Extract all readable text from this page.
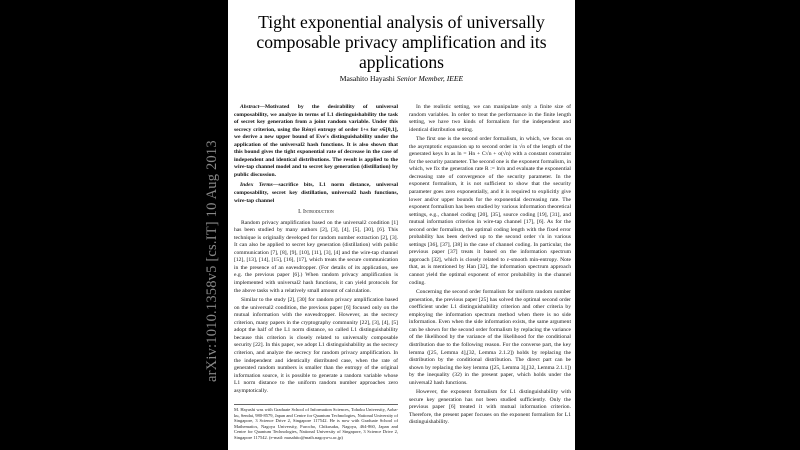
arXiv:1010.1358v5 [cs.IT] 10 Aug 2013
Tight exponential analysis of universally composable privacy amplification and its applications
Masahito Hayashi Senior Member, IEEE

Abstract—Motivated by the desirability of universal composability, we analyze in terms of L1 distinguishability the task of secret key generation from a joint random variable. Under this secrecy criterion, using the Rényi entropy of order 1+s for s∈[0,1], we derive a new upper bound of Eve's distinguishability under the application of the universal2 hash functions. It is also shown that this bound gives the tight exponential rate of decrease in the case of independent and identical distributions. The result is applied to the wire-tap channel model and to secret key generation (distillation) by public discussion.

Index Terms—sacrifice bits, L1 norm distance, universal composability, secret key distillation, universal2 hash functions, wire-tap channel

I. Introduction

Random privacy amplification based on the universal2 condition [1] has been studied by many authors [2], [3], [4], [5], [30], [6]. This technique is originally developed for random number extraction [2], [3]. It can also be applied to secret key generation (distillation) with public communication [7], [8], [9], [10], [11], [3], [4] and the wire-tap channel [12], [13], [14], [15], [16], [17], which treats the secure communication in the presence of an eavesdropper. (For details of its application, see e.g. the previous paper [6].) When random privacy amplification is implemented with universal2 hash functions, it can yield protocols for the above tasks with a relatively small amount of calculation.

Similar to the study [2], [30] for random privacy amplification based on the universal2 condition, the previous paper [6] focused only on the mutual information with the eavesdropper. However, as the secrecy criterion, many papers in the cryptography community [22], [3], [4], [5] adopt the half of the L1 norm distance, so called L1 distinguishability because this criterion is closely related to universally composable security [22]. In this paper, we adopt L1 distinguishability as the secrecy criterion, and analyze the secrecy for random privacy amplification. In the independent and identically distributed case, when the rate of generated random numbers is smaller than the entropy of the original information source, it is possible to generate a random variable whose L1 norm distance to the uniform random number approaches zero asymptotically.

M. Hayashi was with Graduate School of Information Sciences, Tohoku University, Aoba-ku, Sendai, 980-8579, Japan and Centre for Quantum Technologies, National University of Singapore, 3 Science Drive 2, Singapore 117542. He is now with Graduate School of Mathematics, Nagoya University, Furocho, Chikusaku, Nagoya, 464-860, Japan and Centre for Quantum Technologies, National University of Singapore, 3 Science Drive 2, Singapore 117542. (e-mail: masahito@math.nagoya-u.ac.jp)

In the realistic setting, we can manipulate only a finite size of random variables. In order to treat the performance in the finite length setting, we have two kinds of formalism for the independent and identical distribution setting.

The first one is the second order formalism, in which, we focus on the asymptotic expansion up to second order in √n of the length of the generated keys ln as ln = Hn + C√n + o(√n) with a constant constraint for the security parameter. The second one is the exponent formalism, in which, we fix the generation rate R := ln/n and evaluate the exponential decreasing rate of convergence of the security parameter. In the exponent formalism, it is not sufficient to show that the security parameter goes zero exponentially, and it is required to explicitly give lower and/or upper bounds for the exponential decreasing rate. The exponent formalism has been studied by various information theoretical settings, e.g., channel coding [20], [35], source coding [19], [31], and mutual information criterion in wire-tap channel [17], [6]. As for the second order formalism, the optimal coding length with the fixed error probability has been derived up to the second order √n in various settings [36], [37], [38] in the case of channel coding. In particular, the previous paper [37] treats it based on the information spectrum approach [32], which is closely related to ε-smooth min-entropy. Note that, as is mentioned by Han [32], the information spectrum approach cannot yield the optimal exponent of error probability in the channel coding.

Concerning the second order formalism for uniform random number generation, the previous paper [25] has solved the optimal second order coefficient under L1 distinguishability criterion and other criteria by employing the information spectrum method when there is no side information. Even when the side information exists, the same argument can be shown for the second order formalism by replacing the variance of the likelihood by the variance of the likelihood for the conditional distribution due to the following reason. For the converse part, the key lemma ([25, Lemma 4],[32, Lemma 2.1.2]) holds by replacing the distribution by the conditional distribution. The direct part can be shown by replacing the key lemma ([25, Lemma 3],[32, Lemma 2.1.1]) by the inequality (32) in the present paper, which holds under the universal2 hash functions.

However, the exponent formalism for L1 distinguishability with secure key generation has not been studied sufficiently. Only the previous paper [6] treated it with mutual information criterion. Therefore, the present paper focuses on the exponent formalism for L1 distinguishability.
